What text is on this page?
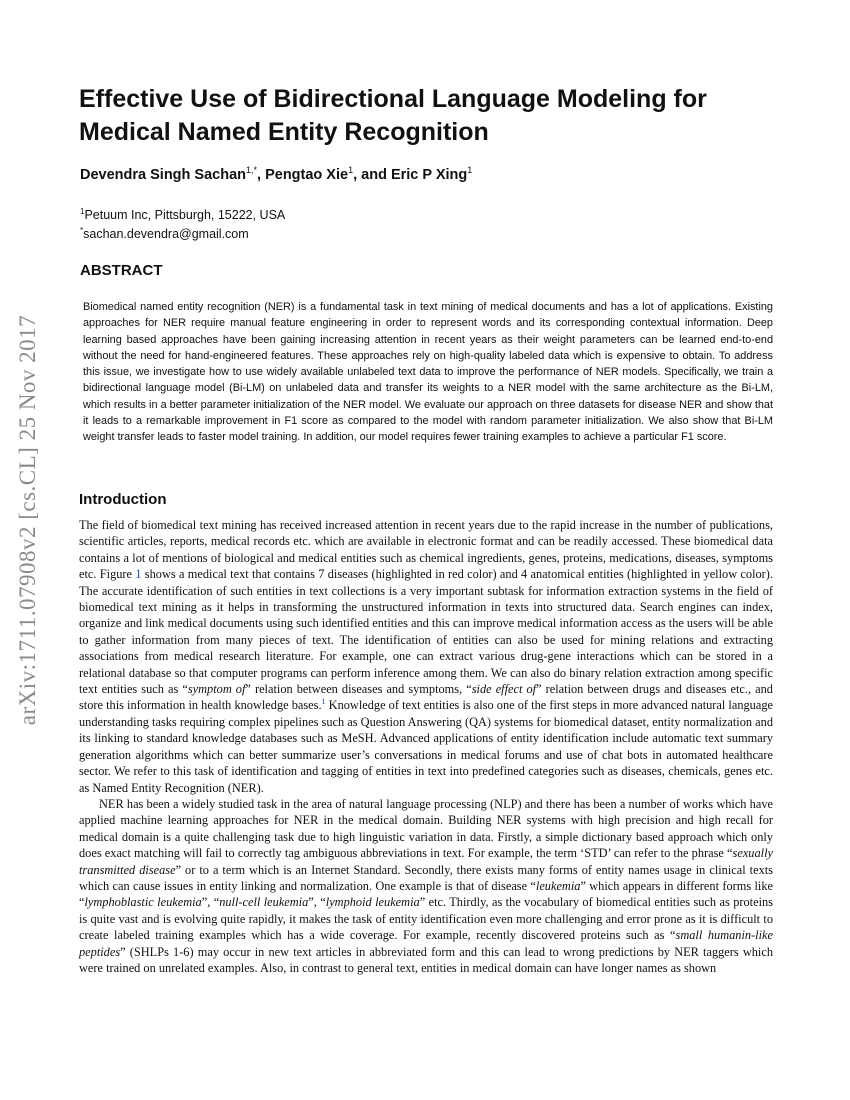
arXiv:1711.07908v2 [cs.CL] 25 Nov 2017
Effective Use of Bidirectional Language Modeling for Medical Named Entity Recognition
Devendra Singh Sachan$^{1,*}$, Pengtao Xie$^1$, and Eric P Xing$^1$
$^1$Petuum Inc, Pittsburgh, 15222, USA
*sachan.devendra@gmail.com
ABSTRACT

Biomedical named entity recognition (NER) is a fundamental task in text mining of medical documents and has a lot of applications. Existing approaches for NER require manual feature engineering in order to represent words and its corresponding contextual information. Deep learning based approaches have been gaining increasing attention in recent years as their weight parameters can be learned end-to-end without the need for hand-engineered features. These approaches rely on high-quality labeled data which is expensive to obtain. To address this issue, we investigate how to use widely available unlabeled text data to improve the performance of NER models. Specifically, we train a bidirectional language model (Bi-LM) on unlabeled data and transfer its weights to a NER model with the same architecture as the Bi-LM, which results in a better parameter initialization of the NER model. We evaluate our approach on three datasets for disease NER and show that it leads to a remarkable improvement in F1 score as compared to the model with random parameter initialization. We also show that Bi-LM weight transfer leads to faster model training. In addition, our model requires fewer training examples to achieve a particular F1 score.

Introduction

The field of biomedical text mining has received increased attention in recent years due to the rapid increase in the number of publications, scientific articles, reports, medical records etc. which are available in electronic format and can be readily accessed. These biomedical data contains a lot of mentions of biological and medical entities such as chemical ingredients, genes, proteins, medications, diseases, symptoms etc. Figure 1 shows a medical text that contains 7 diseases (highlighted in red color) and 4 anatomical entities (highlighted in yellow color). The accurate identification of such entities in text collections is a very important subtask for information extraction systems in the field of biomedical text mining as it helps in transforming the unstructured information in texts into structured data. Search engines can index, organize and link medical documents using such identified entities and this can improve medical information access as the users will be able to gather information from many pieces of text. The identification of entities can also be used for mining relations and extracting associations from medical research literature. For example, one can extract various drug-gene interactions which can be stored in a relational database so that computer programs can perform inference among them. We can also do binary relation extraction among specific text entities such as “symptom of” relation between diseases and symptoms, “side effect of” relation between drugs and diseases etc., and store this information in health knowledge bases.$^1$ Knowledge of text entities is also one of the first steps in more advanced natural language understanding tasks requiring complex pipelines such as Question Answering (QA) systems for biomedical dataset, entity normalization and its linking to standard knowledge databases such as MeSH. Advanced applications of entity identification include automatic text summary generation algorithms which can better summarize user’s conversations in medical forums and use of chat bots in automated healthcare sector. We refer to this task of identification and tagging of entities in text into predefined categories such as diseases, chemicals, genes etc. as Named Entity Recognition (NER).

NER has been a widely studied task in the area of natural language processing (NLP) and there has been a number of works which have applied machine learning approaches for NER in the medical domain. Building NER systems with high precision and high recall for medical domain is a quite challenging task due to high linguistic variation in data. Firstly, a simple dictionary based approach which only does exact matching will fail to correctly tag ambiguous abbreviations in text. For example, the term ‘STD’ can refer to the phrase “sexually transmitted disease” or to a term which is an Internet Standard. Secondly, there exists many forms of entity names usage in clinical texts which can cause issues in entity linking and normalization. One example is that of disease “leukemia” which appears in different forms like “lymphoblastic leukemia”, “null-cell leukemia”, “lymphoid leukemia” etc. Thirdly, as the vocabulary of biomedical entities such as proteins is quite vast and is evolving quite rapidly, it makes the task of entity identification even more challenging and error prone as it is difficult to create labeled training examples which has a wide coverage. For example, recently discovered proteins such as “small humanin-like peptides” (SHLPs 1-6) may occur in new text articles in abbreviated form and this can lead to wrong predictions by NER taggers which were trained on unrelated examples. Also, in contrast to general text, entities in medical domain can have longer names as shown
